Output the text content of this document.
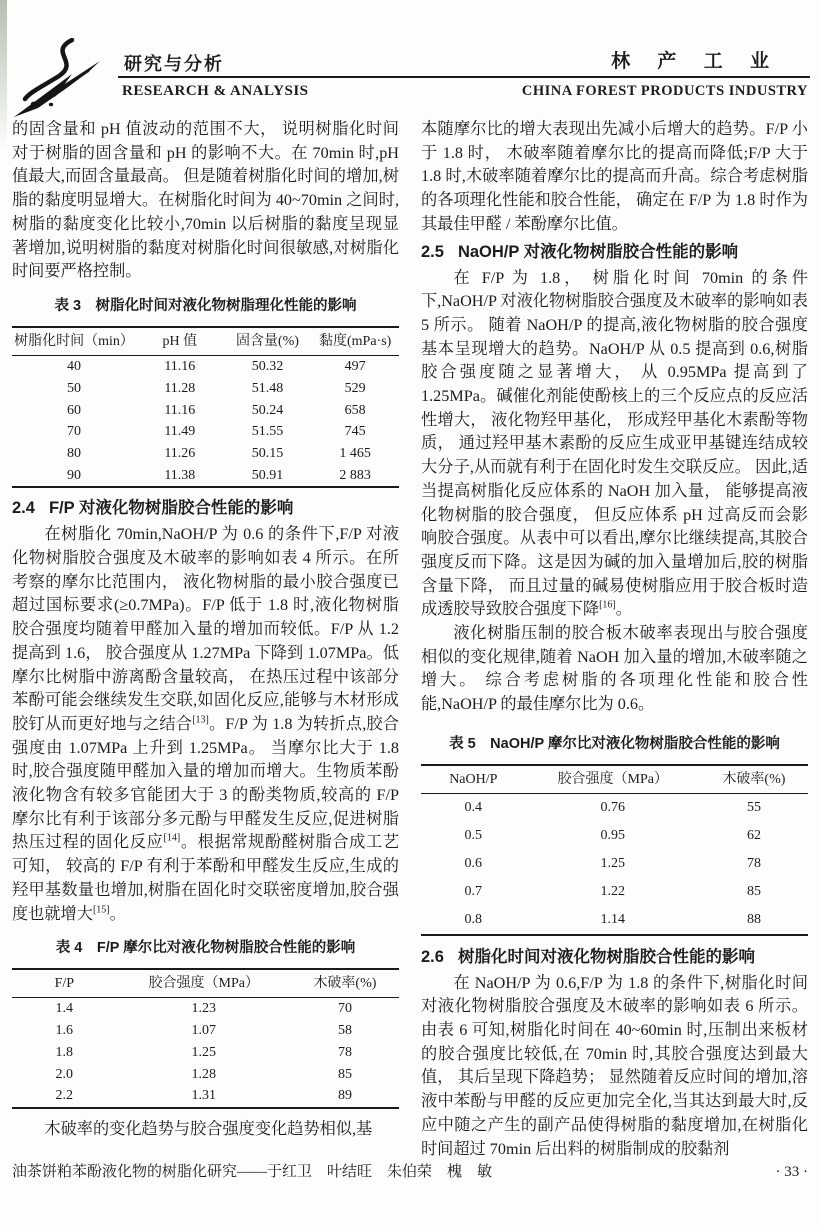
研究与分析
RESEARCH & ANALYSIS
林 产 工 业
CHINA FOREST PRODUCTS INDUSTRY

的固含量和 pH 值波动的范围不大， 说明树脂化时间对于树脂的固含量和 pH 的影响不大。在 70min 时,pH 值最大,而固含量最高。 但是随着树脂化时间的增加,树脂的黏度明显增大。在树脂化时间为 40~70min 之间时,树脂的黏度变化比较小,70min 以后树脂的黏度呈现显著增加,说明树脂的黏度对树脂化时间很敏感,对树脂化时间要严格控制。

表 3　树脂化时间对液化物树脂理化性能的影响
树脂化时间（min）	pH 值	固含量(%)	黏度(mPa·s)
40	11.16	50.32	497
50	11.28	51.48	529
60	11.16	50.24	658
70	11.49	51.55	745
80	11.26	50.15	1 465
90	11.38	50.91	2 883
2.4 F/P 对液化物树脂胶合性能的影响

在树脂化 70min,NaOH/P 为 0.6 的条件下,F/P 对液化物树脂胶合强度及木破率的影响如表 4 所示。在所考察的摩尔比范围内， 液化物树脂的最小胶合强度已超过国标要求(≥0.7MPa)。F/P 低于 1.8 时,液化物树脂胶合强度均随着甲醛加入量的增加而较低。F/P 从 1.2 提高到 1.6， 胶合强度从 1.27MPa 下降到 1.07MPa。低摩尔比树脂中游离酚含量较高， 在热压过程中该部分苯酚可能会继续发生交联,如固化反应,能够与木材形成胶钉从而更好地与之结合[13]。F/P 为 1.8 为转折点,胶合强度由 1.07MPa 上升到 1.25MPa。 当摩尔比大于 1.8 时,胶合强度随甲醛加入量的增加而增大。生物质苯酚液化物含有较多官能团大于 3 的酚类物质,较高的 F/P 摩尔比有利于该部分多元酚与甲醛发生反应,促进树脂热压过程的固化反应[14]。根据常规酚醛树脂合成工艺可知， 较高的 F/P 有利于苯酚和甲醛发生反应,生成的羟甲基数量也增加,树脂在固化时交联密度增加,胶合强度也就增大[15]。

表 4　F/P 摩尔比对液化物树脂胶合性能的影响
F/P	胶合强度（MPa）	木破率(%)
1.4	1.23	70
1.6	1.07	58
1.8	1.25	78
2.0	1.28	85
2.2	1.31	89

木破率的变化趋势与胶合强度变化趋势相似,基

本随摩尔比的增大表现出先减小后增大的趋势。F/P 小于 1.8 时， 木破率随着摩尔比的提高而降低;F/P 大于 1.8 时,木破率随着摩尔比的提高而升高。综合考虑树脂的各项理化性能和胶合性能， 确定在 F/P 为 1.8 时作为其最佳甲醛 / 苯酚摩尔比值。

2.5 NaOH/P 对液化物树脂胶合性能的影响

在 F/P 为 1.8， 树脂化时间 70min 的条件下,NaOH/P 对液化物树脂胶合强度及木破率的影响如表 5 所示。 随着 NaOH/P 的提高,液化物树脂的胶合强度基本呈现增大的趋势。NaOH/P 从 0.5 提高到 0.6,树脂胶合强度随之显著增大， 从 0.95MPa 提高到了 1.25MPa。碱催化剂能使酚核上的三个反应点的反应活性增大， 液化物羟甲基化， 形成羟甲基化木素酚等物质， 通过羟甲基木素酚的反应生成亚甲基键连结成较大分子,从而就有利于在固化时发生交联反应。 因此,适当提高树脂化反应体系的 NaOH 加入量， 能够提高液化物树脂的胶合强度， 但反应体系 pH 过高反而会影响胶合强度。从表中可以看出,摩尔比继续提高,其胶合强度反而下降。这是因为碱的加入量增加后,胶的树脂含量下降， 而且过量的碱易使树脂应用于胶合板时造成透胶导致胶合强度下降[16]。

液化树脂压制的胶合板木破率表现出与胶合强度相似的变化规律,随着 NaOH 加入量的增加,木破率随之增大。 综合考虑树脂的各项理化性能和胶合性能,NaOH/P 的最佳摩尔比为 0.6。

表 5　NaOH/P 摩尔比对液化物树脂胶合性能的影响
NaOH/P	胶合强度（MPa）	木破率(%)
0.4	0.76	55
0.5	0.95	62
0.6	1.25	78
0.7	1.22	85
0.8	1.14	88
2.6 树脂化时间对液化物树脂胶合性能的影响

在 NaOH/P 为 0.6,F/P 为 1.8 的条件下,树脂化时间对液化物树脂胶合强度及木破率的影响如表 6 所示。由表 6 可知,树脂化时间在 40~60min 时,压制出来板材的胶合强度比较低,在 70min 时,其胶合强度达到最大值， 其后呈现下降趋势； 显然随着反应时间的增加,溶液中苯酚与甲醛的反应更加完全化,当其达到最大时,反应中随之产生的副产品使得树脂的黏度增加,在树脂化时间超过 70min 后出料的树脂制成的胶黏剂

油茶饼粕苯酚液化物的树脂化研究——于红卫　叶结旺　朱伯荣　槐　敏	· 33 ·
